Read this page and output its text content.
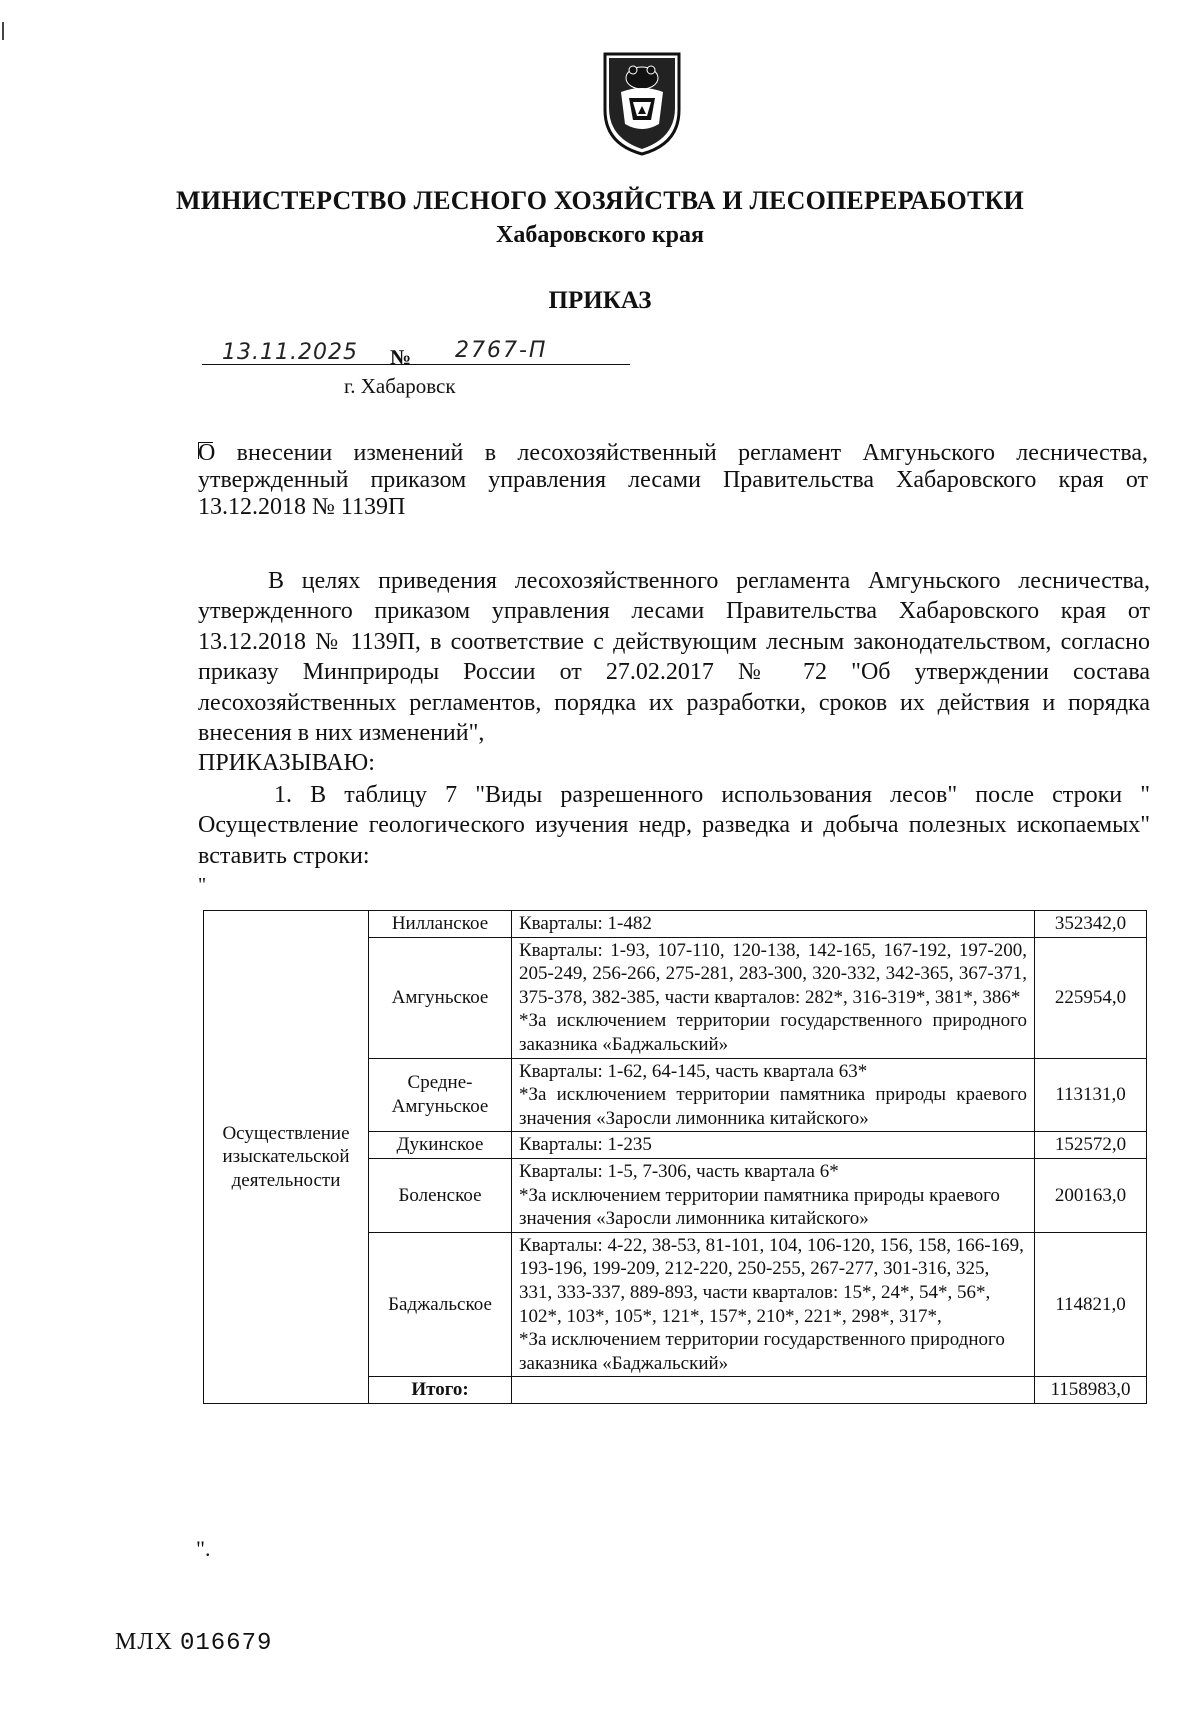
МИНИСТЕРСТВО ЛЕСНОГО ХОЗЯЙСТВА И ЛЕСОПЕРЕРАБОТКИ
Хабаровского края
ПРИКАЗ
13.11.2025 № 2767-П
г. Хабаровск
О внесении изменений в лесохозяйственный регламент Амгуньского лесничества, утвержденный приказом управления лесами Правительства Хабаровского края от 13.12.2018 № 1139П
В целях приведения лесохозяйственного регламента Амгуньского лесничества, утвержденного приказом управления лесами Правительства Хабаровского края от 13.12.2018 № 1139П, в соответствие с действующим лесным законодательством, согласно приказу Минприроды России от 27.02.2017 № 72 "Об утверждении состава лесохозяйственных регламентов, порядка их разработки, сроков их действия и порядка внесения в них изменений",
ПРИКАЗЫВАЮ:
1. В таблицу 7 "Виды разрешенного использования лесов" после строки " Осуществление геологического изучения недр, разведка и добыча полезных ископаемых" вставить строки:
"
Осуществление изыскательской деятельности	Нилланское	Кварталы: 1-482	352342,0
	Амгуньское	Кварталы: 1-93, 107-110, 120-138, 142-165, 167-192, 197-200, 205-249, 256-266, 275-281, 283-300, 320-332, 342-365, 367-371, 375-378, 382-385, части кварталов: 282*, 316-319*, 381*, 386*
*За исключением территории государственного природного заказника «Баджальский»	225954,0
	Средне-Амгуньское	Кварталы: 1-62, 64-145, часть квартала 63*
*За исключением территории памятника природы краевого значения «Заросли лимонника китайского»	113131,0
	Дукинское	Кварталы: 1-235	152572,0
	Боленское	Кварталы: 1-5, 7-306, часть квартала 6*
*За исключением территории памятника природы краевого значения «Заросли лимонника китайского»	200163,0
	Баджальское	Кварталы: 4-22, 38-53, 81-101, 104, 106-120, 156, 158, 166-169, 193-196, 199-209, 212-220, 250-255, 267-277, 301-316, 325, 331, 333-337, 889-893, части кварталов: 15*, 24*, 54*, 56*, 102*, 103*, 105*, 121*, 157*, 210*, 221*, 298*, 317*,
*За исключением территории государственного природного заказника «Баджальский»	114821,0
	Итого:		1158983,0
".
МЛХ 016679
